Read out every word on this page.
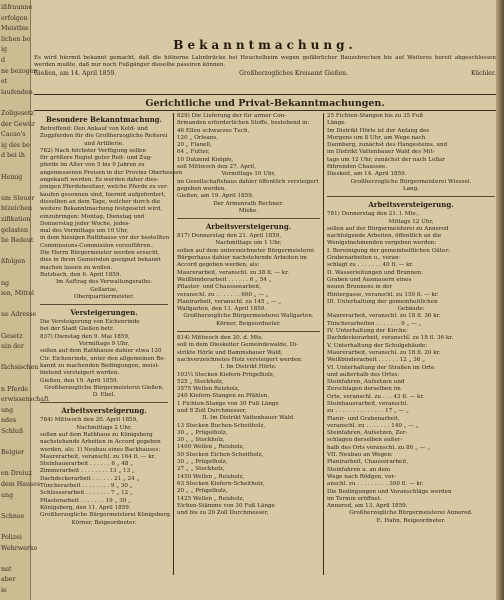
ißfraunne
erfolgen
Meistbie
lichen be
ig
d
ne bezogen
et
laufenden
Zollgesetz
der Gewür
Cacao's
ig des be
d bei ih
Heinig
um Steuer
htzeichen
zifikation
gelasten
lie Bedeut
ßfolgen
ng
ien, Mittel
ue Adresse
Gesetz
uin der
fächsischen
n Pferde
erwissenschaft
ung
ndes
Schluß
Belgier
en Dreiuz
dem Hauses
ung
Schnee
Polizei
Wehrwerke
mit
aber
ie
Bekanntmachung.
Es wird hiermit bekannt gemacht, daß die hölzerne Lahnbrücke bei Heuchelheim wegen gefährlicher Bauzebrechen bis auf Weiteres bereit abgeschlossen werden mußte, daß nur noch Fußgänger dieselbe passiren können.
Gießen, am 14. April 1859.	Großherzogliches Kreisamt Gießen.	Küchler.
Gerichtliche und Privat-Bekanntmachungen.
Besondere Bekanntmachung.
Betreffend: Den Ankauf von Keld- und
Zugpferden für die Großherzogliche Reiterei
und Artillerie.
782) Nach höchster Verfügung sollen
für größere Regiel guter Reit- und Zug-
pferde im Alter von 5 bis 9 Jahren zu
angemessenen Preisen in der Provinz Oberhessen
angekauft werden. Es werden daher dies-
jenigen Pferdebesitzer, welche Pferde zu ver-
kaufen gesonnen sind, hiermit aufgefordert,
dieselben an dem Tage, welcher durch die
weitere Bekanntmachung festgesetzt wird,
einzubringen: Montag, Dienstag und
Donnerstag jeder Woche, jedes-
mal des Vormittags um 10 Uhr,
in dem hiesigen Rathhause vor der bestellten
Commissions-Commission vorzuführen..
Die Herrn Bürgermeister werden ersucht,
dies in ihren Gemeinden geeignet bekannt
machen lassen zu wollen.
Butzbach, den 6. April 1859.
Im Auftrag des Verwaltungsraths:
Gellarius,
Oberquartiermeister.
Versteigerungen.
Die Versteigerung von Eichenrinde
bei der Stadt Gießen betr.
837) Dienstag den 9. Mai 1859,
Vormittags 9 Uhr,
sollen auf dem Rathhause dahier etwa 120
Ctr. Eichenrinde, unter den allgemeinen Be-
kannt zu machenden Bedingungen, meist-
bietend versteigert werden.
Gießen, den 19. April 1859.
Großherzogliche Bürgermeisterei Gießen.
D. Ebel.
Arbeitsversteigerung.
784) Mittwoch den 20. April 1859,
Nachmittags 2 Uhr,
sollen auf dem Rathhaus zu Königsberg
nachstehende Arbeiten in Accord gegeben
werden, als: 1) Neubau eines Backhauses:
Maurerarbeit, veranschl. zu 164 fl. — kr.
Steinhauerarbeit . . . . . . 6 „ 48 „
Zimmerarbeit . . . . . . . . 13 „ 13 „
Dachdeckerarbeit . . . . . . 21 „ 24 „
Tüncherarbeit . . . . . . . . 9 „ 30 „
Schlosserarbeit . . . . . . . 7 „ 12 „
Pflasterarbeit . . . . . . . 19 „ 30 „
Königsberg, den 11. April 1859.
Großherzogliche Bürgermeisterei Königsberg.
Körner, Beigeordneter.
829) Die Lieferung der für armer Con-
firmanden erforderlichen Stoffe, bestehend in:
46 Ellen schwarzes Tuch,
120 „ Orleans,
20 „ Flanell,
64 „ Futter,
10 Dutzend Knöpfe,
soll Mittwoch den 27. April,
Vormittags 10 Uhr,
im Gesellschaftshaus dahier öffentlich versteigert
gegeben werden.
Gießen, am 19. April 1859.
Der Armenrath Rechner:
Mieke.
Arbeitsversteigerung.
817) Donnerstag den 21. April 1859,
Nachmittags um 1 Uhr,
sollen auf dem unterzeichneter Bürgermeisterei
Bürgerhaus dahier nachstehende Arbeiten im
Accord gegeben werden, als:
Maurerarbeit, veranschl. zu 38 fl. — kr.
Weißbinderarbeit . . . . . . 6 „ 54 „
Pflaster- und Chausseearbeit,
veranschl. zu . . . . . . . 600 „ — „
Planirarbeit, veranschl. zu 145 „ — „
Wallgarten, den 11. April 1859.
Großherzogliche Bürgermeisterei Wallgarten.
Körner, Beigeordneter.
814) Mittwoch den 20. d. Mts.
soll in dem Dieskeiter Gemeindewalde, Di-
strikte Hörle und Bammsbauer Wald,
nachverzeichnetes Holz versteigert werden:
I. Im Distrikt Hörle.
103¼ Stecken Kiefern-Prügelholz,
525 „ Stockholz,
3575 Wellen Reisholz,
240 Kiefern-Stangen zu Pfählen,
1 Fichten-Stange von 30 Fuß Länge
und 8 Zoll Durchmesser,
II. Im Distrikt Vattenbauer Wald.
13 Stecken Buchen-Scheitholz,
30 „ „ Prügelholz,
30 „ „ Stockholz,
1400 Wellen „ Reisholz,
50 Stecken Eichen-Scheitholz,
30 „ „ Prügelholz,
27 „ „ Stockholz,
1450 Wellen „ Reisholz,
63 Stecken Kiefern-Scheitholz,
20 „ „ Prügelholz,
1425 Wellen „ Reisholz,
Eichen-Stämme von 30 Fuß Länge
und bis zu 20 Zoll Durchmesser,
25 Fichten-Stangen bis zu 35 Fuß
Länge.
Im Distrikt Hörle ist der Anfang des
Morgens um 8 Uhr, am Wege nach
Dannberg, zunächst des Hangesteins, und
im Distrikt Vattenbauer Wald des Mit-
tags um 12 Uhr, zunächst der nach Lollar
führenden Chaussee.
Dieskeit, am 14. April 1859.
Großherzogliche Bürgermeisterei Wiessel.
Lang.
Arbeitsversteigerung.
781) Donnerstag den 21. l. Mts.,
Mittags 12 Uhr,
sollen auf der Bürgermeisterei zu Annerod
nachfolgende Arbeiten, öffentlich an die
Wenigstnehmenden vergeben werden:
I. Bereinigung der gemeinheitlichen Güter:
Grabenarbeiten u., veran-
schlagt zu . . . . . . . 40 fl. — kr.
II. Wasserleitungen und Brunnen:
Graben und Ausmauern eines
neuen Brunnens in der
Hintergasse, veranschl. zu 150 fl. — kr.
III. Unterhaltung der gemeinheitlichen
Gebäude:
Maurerarbeit, veranschl. zu 18 fl. 36 kr.
Tüncherarbeiten . . . . . . . 9 „ — „
IV. Unterhaltung der Kirche:
Dachdeckerarbeit, veranschl. zu 18 fl. 36 kr.
V. Unterhaltung der Schulgebäude:
Maurerarbeit, veranschl. zu 18 fl. 20 kr.
Weißbinderarbeit . . . . . . 12 „ 36 „
VI. Unterhaltung der Straßen im Orte
und außerhalb des Ortes:
Steinfahren, Aufsetzen und
Zerschlagen derselben im
Orte, veranschl. zu . . . 43 fl. — kr.
Steinhauerarbeit, veranschl.
zu . . . . . . . . . . . . . . 17 „ — „
Planir- und Grabenarbeit,
veranschl. zu . . . . . . . 140 „ — „
Steinfahren, Aufsetzen, Zer-
schlagen derselben außer-
halb des Orts veranschl. zu 86 „ — „
VII. Neubau an Wegen:
Planirarbeit, Chaussirarbeit,
Steinfahren u. an dem
Wege nach Rödgen, ver-
anschl. zu . . . . . . . . . 300 fl. — kr.
Die Bedingungen und Voranschläge werden
im Termin eröffnet.
Annerod, am 13. April 1859.
Großherzogliche Bürgermeisterei Annerod.
E. Hahn, Beigeordneter.
